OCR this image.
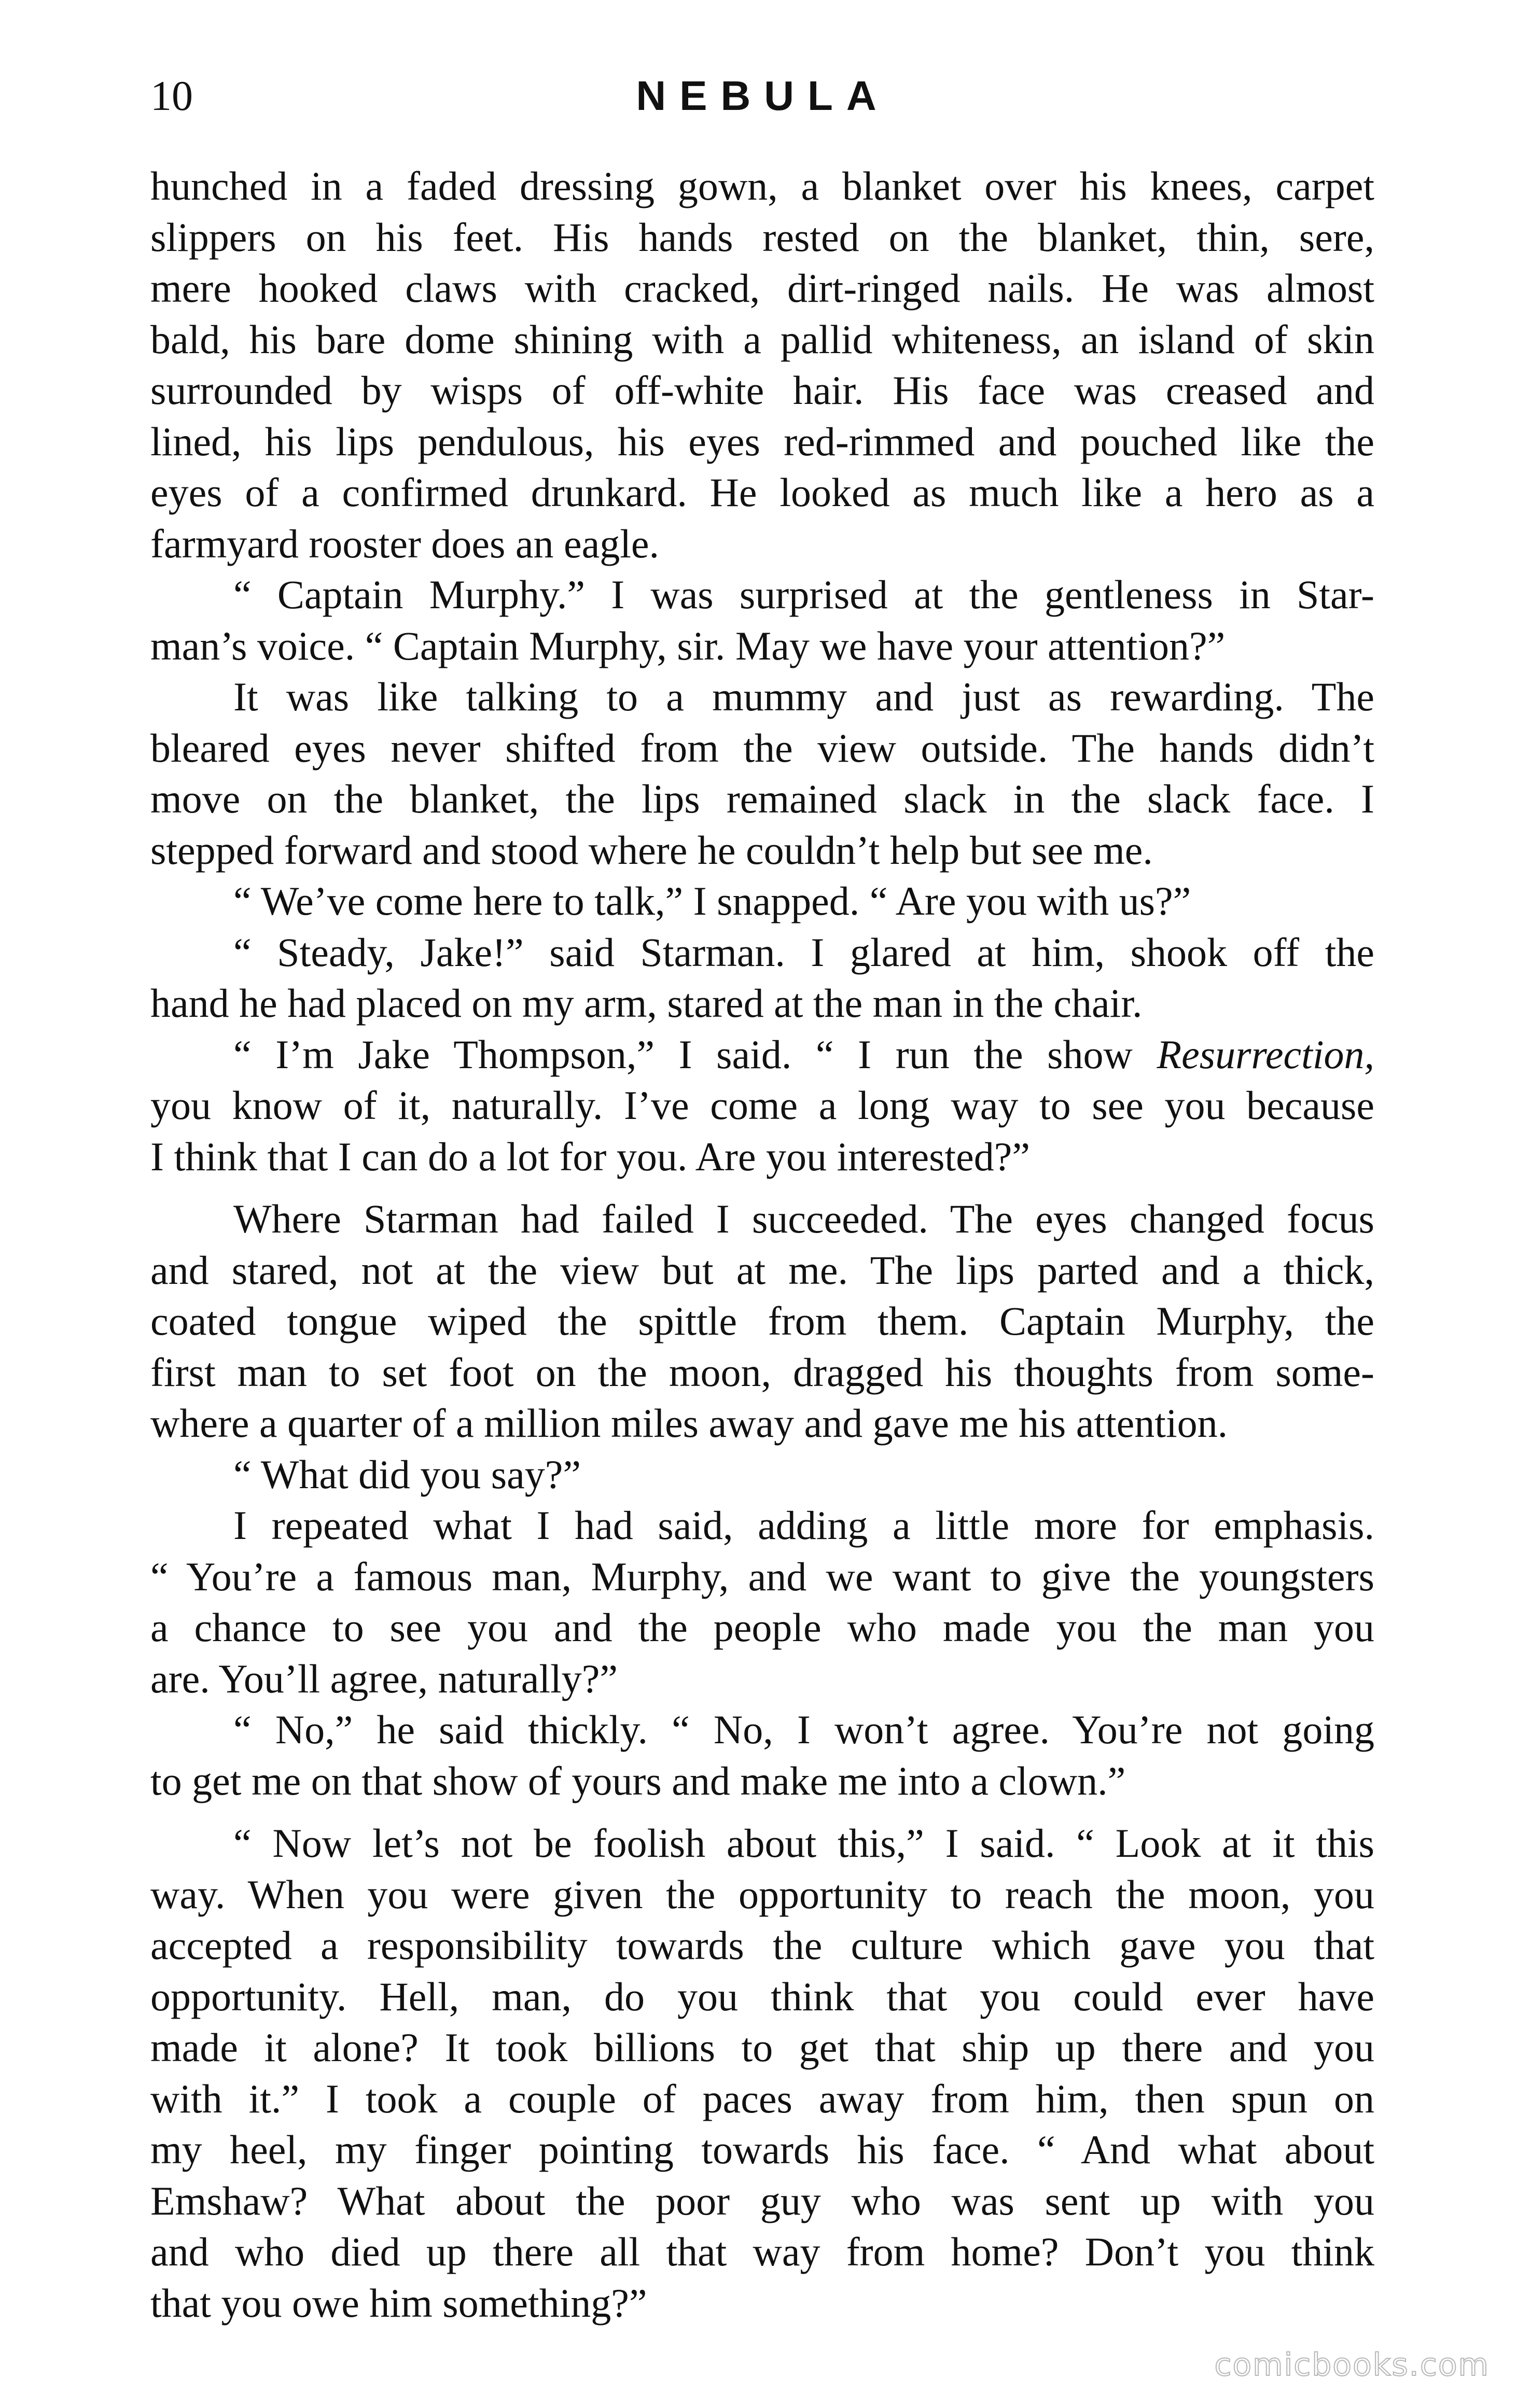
10	NEBULA
hunched in a faded dressing gown, a blanket over his knees, carpet
slippers on his feet. His hands rested on the blanket, thin, sere,
mere hooked claws with cracked, dirt-ringed nails. He was almost
bald, his bare dome shining with a pallid whiteness, an island of skin
surrounded by wisps of off-white hair. His face was creased and
lined, his lips pendulous, his eyes red-rimmed and pouched like the
eyes of a confirmed drunkard. He looked as much like a hero as a
farmyard rooster does an eagle.
“ Captain Murphy.” I was surprised at the gentleness in Star-
man’s voice. “ Captain Murphy, sir. May we have your attention?”
It was like talking to a mummy and just as rewarding. The
bleared eyes never shifted from the view outside. The hands didn’t
move on the blanket, the lips remained slack in the slack face. I
stepped forward and stood where he couldn’t help but see me.
“ We’ve come here to talk,” I snapped. “ Are you with us?”
“ Steady, Jake!” said Starman. I glared at him, shook off the
hand he had placed on my arm, stared at the man in the chair.
“ I’m Jake Thompson,” I said. “ I run the show Resurrection,
you know of it, naturally. I’ve come a long way to see you because
I think that I can do a lot for you. Are you interested?”
Where Starman had failed I succeeded. The eyes changed focus
and stared, not at the view but at me. The lips parted and a thick,
coated tongue wiped the spittle from them. Captain Murphy, the
first man to set foot on the moon, dragged his thoughts from some-
where a quarter of a million miles away and gave me his attention.
“ What did you say?”
I repeated what I had said, adding a little more for emphasis.
“ You’re a famous man, Murphy, and we want to give the youngsters
a chance to see you and the people who made you the man you
are. You’ll agree, naturally?”
“ No,” he said thickly. “ No, I won’t agree. You’re not going
to get me on that show of yours and make me into a clown.”
“ Now let’s not be foolish about this,” I said. “ Look at it this
way. When you were given the opportunity to reach the moon, you
accepted a responsibility towards the culture which gave you that
opportunity. Hell, man, do you think that you could ever have
made it alone? It took billions to get that ship up there and you
with it.” I took a couple of paces away from him, then spun on
my heel, my finger pointing towards his face. “ And what about
Emshaw? What about the poor guy who was sent up with you
and who died up there all that way from home? Don’t you think
that you owe him something?”
comicbooks.com
